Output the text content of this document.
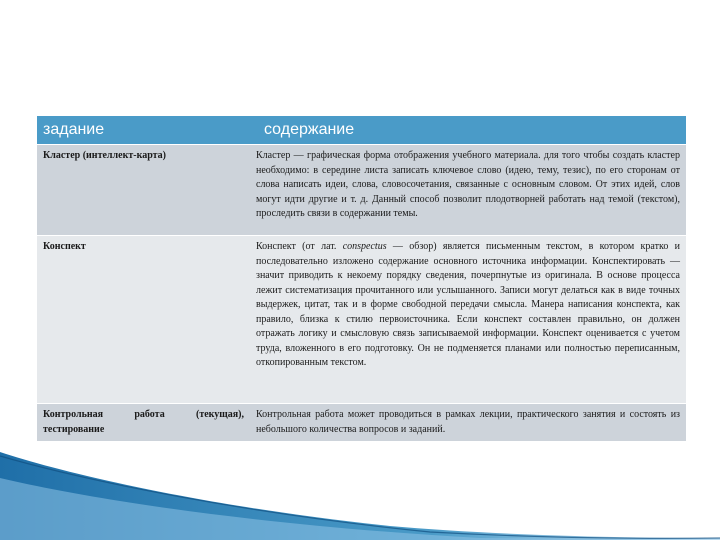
задание	содержание
Кластер (интеллект-карта)	Кластер — графическая форма отображения учебного материала. для того чтобы создать кластер необходимо: в середине листа записать ключевое слово (идею, тему, тезис), по его сторонам от слова написать идеи, слова, словосочетания, связанные с основным словом. От этих идей, слов могут идти другие и т. д. Данный способ позволит плодотворней работать над темой (текстом), проследить связи в содержании темы.
Конспект	Конспект (от лат. conspectus — обзор) является письменным текстом, в котором кратко и последовательно изложено содержание основного источника информации. Конспектировать — значит приводить к некоему порядку сведения, почерпнутые из оригинала. В основе процесса лежит систематизация прочитанного или услышанного. Записи могут делаться как в виде точных выдержек, цитат, так и в форме свободной передачи смысла. Манера написания конспекта, как правило, близка к стилю первоисточника. Если конспект составлен правильно, он должен отражать логику и смысловую связь записываемой информации. Конспект оценивается с учетом труда, вложенного в его подготовку. Он не подменяется планами или полностью переписанным, откопированным текстом.

Контрольная работа (текущая), тестирование	Контрольная работа может проводиться в рамках лекции, практического занятия и состоять из небольшого количества вопросов и заданий.
